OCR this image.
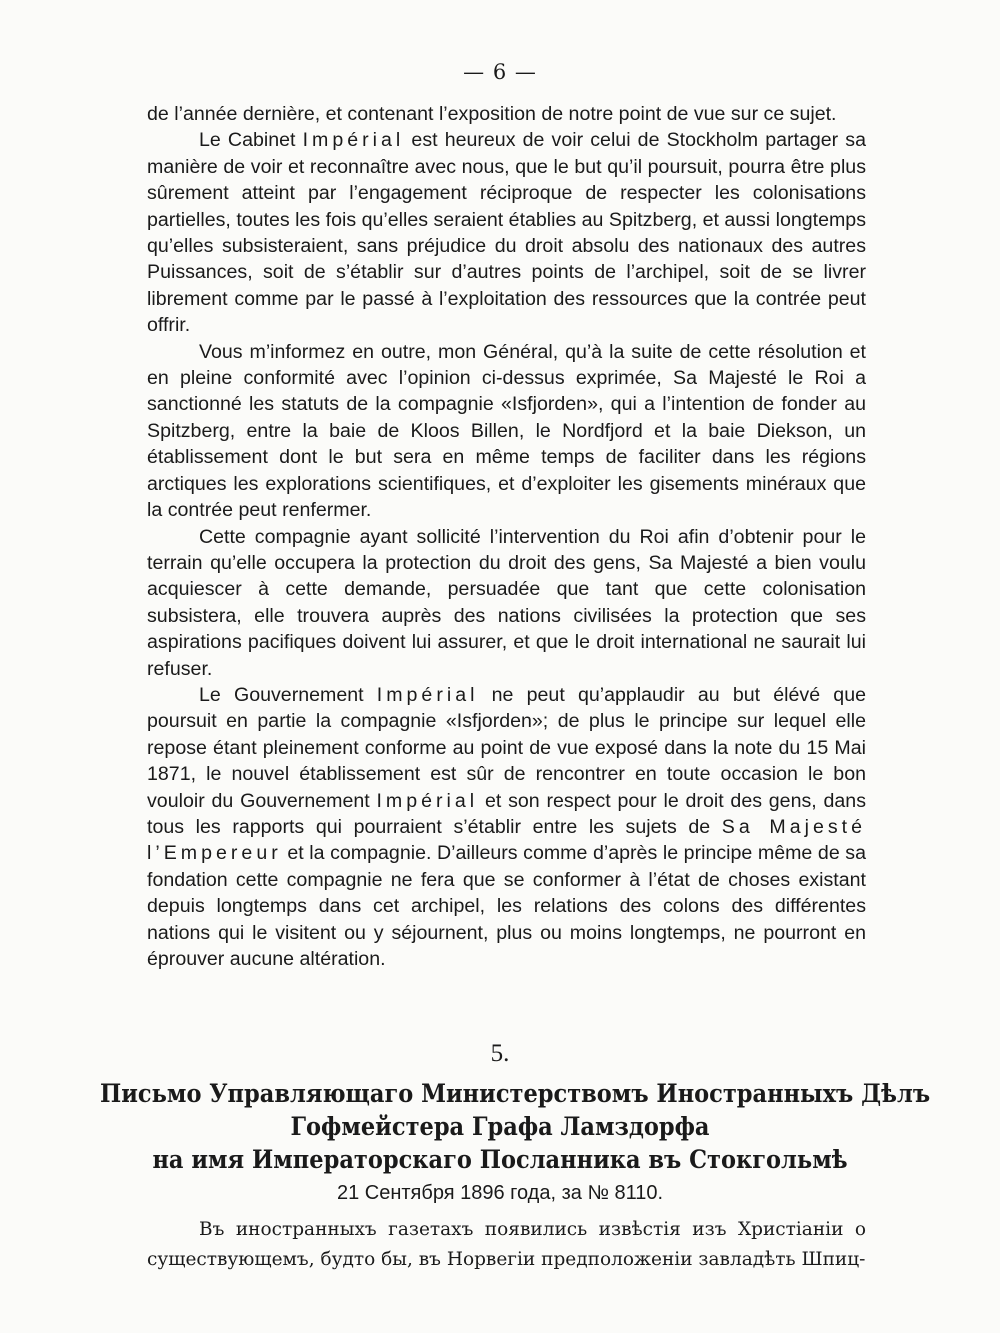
— 6 —

de l’année dernière, et contenant l’exposition de notre point de vue sur ce sujet.

Le Cabinet Impérial est heureux de voir celui de Stockholm partager sa manière de voir et reconnaître avec nous, que le but qu’il poursuit, pourra être plus sûrement atteint par l’engagement réciproque de respecter les colonisations partielles, toutes les fois qu’elles seraient établies au Spitzberg, et aussi longtemps qu’elles subsisteraient, sans préjudice du droit absolu des nationaux des autres Puissances, soit de s’établir sur d’autres points de l’archipel, soit de se livrer librement comme par le passé à l’exploitation des ressources que la contrée peut offrir.

Vous m’informez en outre, mon Général, qu’à la suite de cette résolution et en pleine conformité avec l’opinion ci-dessus exprimée, Sa Majesté le Roi a sanctionné les statuts de la compagnie «Isfjorden», qui a l’intention de fonder au Spitzberg, entre la baie de Kloos Billen, le Nordfjord et la baie Diekson, un établissement dont le but sera en même temps de faciliter dans les régions arctiques les explorations scientifiques, et d’exploiter les gisements minéraux que la contrée peut renfermer.

Cette compagnie ayant sollicité l’intervention du Roi afin d’obtenir pour le terrain qu’elle occupera la protection du droit des gens, Sa Majesté a bien voulu acquiescer à cette demande, persuadée que tant que cette colonisation subsistera, elle trouvera auprès des nations civilisées la protection que ses aspirations pacifiques doivent lui assurer, et que le droit international ne saurait lui refuser.

Le Gouvernement Impérial ne peut qu’applaudir au but élévé que poursuit en partie la compagnie «Isfjorden»; de plus le principe sur lequel elle repose étant pleinement conforme au point de vue exposé dans la note du 15 Mai 1871, le nouvel établissement est sûr de rencontrer en toute occasion le bon vouloir du Gouvernement Impérial et son respect pour le droit des gens, dans tous les rapports qui pourraient s’établir entre les sujets de Sa Majesté l’Empereur et la compagnie. D’ailleurs comme d’après le principe même de sa fondation cette compagnie ne fera que se conformer à l’état de choses existant depuis longtemps dans cet archipel, les relations des colons des différentes nations qui le visitent ou y séjournent, plus ou moins longtemps, ne pourront en éprouver aucune altération.

5.
Письмо Управляющаго Министерствомъ Иностранныхъ Дѣлъ
Гофмейстера Графа Ламздорфа
на имя Императорскаго Посланника въ Стокгольмѣ
21 Сентября 1896 года, за № 8110.

Въ иностранныхъ газетахъ появились извѣстія изъ Христіаніи о существующемъ, будто бы, въ Норвегіи предположеніи завладѣть Шпиц-
